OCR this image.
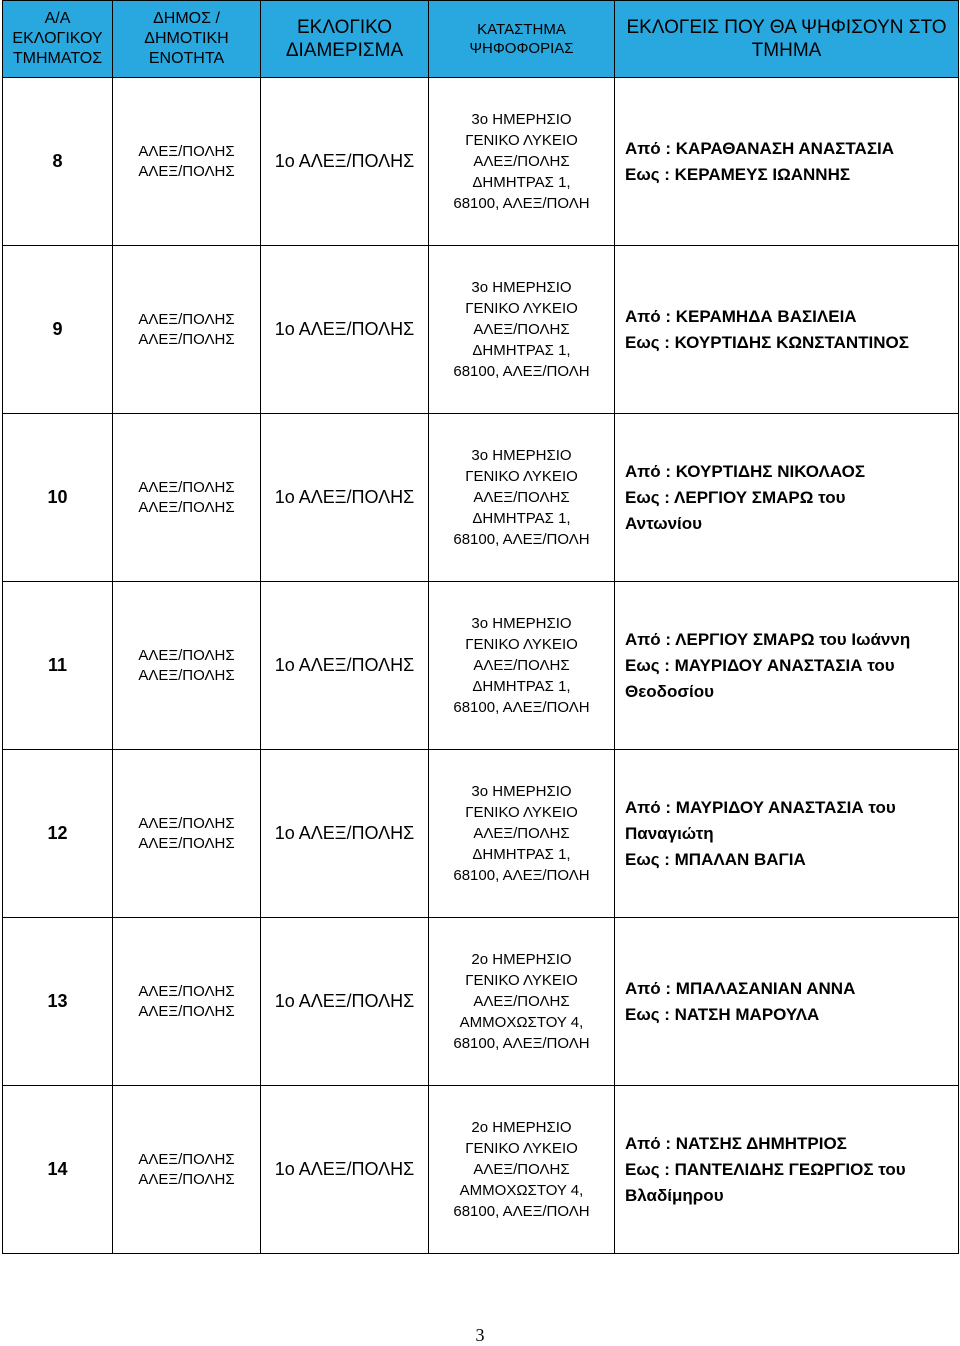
Α/Α
ΕΚΛΟΓΙΚΟΥ
ΤΜΗΜΑΤΟΣ	ΔΗΜΟΣ /
ΔΗΜΟΤΙΚΗ
ΕΝΟΤΗΤΑ	ΕΚΛΟΓΙΚΟ
ΔΙΑΜΕΡΙΣΜΑ	ΚΑΤΑΣΤΗΜΑ
ΨΗΦΟΦΟΡΙΑΣ	ΕΚΛΟΓΕΙΣ ΠΟΥ ΘΑ ΨΗΦΙΣΟΥΝ ΣΤΟ
ΤΜΗΜΑ

8	ΑΛΕΞ/ΠΟΛΗΣ
ΑΛΕΞ/ΠΟΛΗΣ	1ο ΑΛΕΞ/ΠΟΛΗΣ	3ο ΗΜΕΡΗΣΙΟ
ΓΕΝΙΚΟ ΛΥΚΕΙΟ
ΑΛΕΞ/ΠΟΛΗΣ
ΔΗΜΗΤΡΑΣ 1,
68100, ΑΛΕΞ/ΠΟΛΗ	Από : ΚΑΡΑΘΑΝΑΣΗ ΑΝΑΣΤΑΣΙΑ
Εως : ΚΕΡΑΜΕΥΣ ΙΩΑΝΝΗΣ

9	ΑΛΕΞ/ΠΟΛΗΣ
ΑΛΕΞ/ΠΟΛΗΣ	1ο ΑΛΕΞ/ΠΟΛΗΣ	3ο ΗΜΕΡΗΣΙΟ
ΓΕΝΙΚΟ ΛΥΚΕΙΟ
ΑΛΕΞ/ΠΟΛΗΣ
ΔΗΜΗΤΡΑΣ 1,
68100, ΑΛΕΞ/ΠΟΛΗ	Από : ΚΕΡΑΜΗΔΑ ΒΑΣΙΛΕΙΑ
Εως : ΚΟΥΡΤΙΔΗΣ ΚΩΝΣΤΑΝΤΙΝΟΣ

10	ΑΛΕΞ/ΠΟΛΗΣ
ΑΛΕΞ/ΠΟΛΗΣ	1ο ΑΛΕΞ/ΠΟΛΗΣ	3ο ΗΜΕΡΗΣΙΟ
ΓΕΝΙΚΟ ΛΥΚΕΙΟ
ΑΛΕΞ/ΠΟΛΗΣ
ΔΗΜΗΤΡΑΣ 1,
68100, ΑΛΕΞ/ΠΟΛΗ	Από : ΚΟΥΡΤΙΔΗΣ ΝΙΚΟΛΑΟΣ
Εως : ΛΕΡΓΙΟΥ ΣΜΑΡΩ του
Αντωνίου

11	ΑΛΕΞ/ΠΟΛΗΣ
ΑΛΕΞ/ΠΟΛΗΣ	1ο ΑΛΕΞ/ΠΟΛΗΣ	3ο ΗΜΕΡΗΣΙΟ
ΓΕΝΙΚΟ ΛΥΚΕΙΟ
ΑΛΕΞ/ΠΟΛΗΣ
ΔΗΜΗΤΡΑΣ 1,
68100, ΑΛΕΞ/ΠΟΛΗ	Από : ΛΕΡΓΙΟΥ ΣΜΑΡΩ του Ιωάννη
Εως : ΜΑΥΡΙΔΟΥ ΑΝΑΣΤΑΣΙΑ του
Θεοδοσίου

12	ΑΛΕΞ/ΠΟΛΗΣ
ΑΛΕΞ/ΠΟΛΗΣ	1ο ΑΛΕΞ/ΠΟΛΗΣ	3ο ΗΜΕΡΗΣΙΟ
ΓΕΝΙΚΟ ΛΥΚΕΙΟ
ΑΛΕΞ/ΠΟΛΗΣ
ΔΗΜΗΤΡΑΣ 1,
68100, ΑΛΕΞ/ΠΟΛΗ	Από : ΜΑΥΡΙΔΟΥ ΑΝΑΣΤΑΣΙΑ του
Παναγιώτη
Εως : ΜΠΑΛΑΝ ΒΑΓΙΑ

13	ΑΛΕΞ/ΠΟΛΗΣ
ΑΛΕΞ/ΠΟΛΗΣ	1ο ΑΛΕΞ/ΠΟΛΗΣ	2ο ΗΜΕΡΗΣΙΟ
ΓΕΝΙΚΟ ΛΥΚΕΙΟ
ΑΛΕΞ/ΠΟΛΗΣ
ΑΜΜΟΧΩΣΤΟΥ 4,
68100, ΑΛΕΞ/ΠΟΛΗ	Από : ΜΠΑΛΑΣΑΝΙΑΝ ΑΝΝΑ
Εως : ΝΑΤΣΗ ΜΑΡΟΥΛΑ

14	ΑΛΕΞ/ΠΟΛΗΣ
ΑΛΕΞ/ΠΟΛΗΣ	1ο ΑΛΕΞ/ΠΟΛΗΣ	2ο ΗΜΕΡΗΣΙΟ
ΓΕΝΙΚΟ ΛΥΚΕΙΟ
ΑΛΕΞ/ΠΟΛΗΣ
ΑΜΜΟΧΩΣΤΟΥ 4,
68100, ΑΛΕΞ/ΠΟΛΗ	Από : ΝΑΤΣΗΣ ΔΗΜΗΤΡΙΟΣ
Εως : ΠΑΝΤΕΛΙΔΗΣ ΓΕΩΡΓΙΟΣ του
Βλαδίμηρου
3
